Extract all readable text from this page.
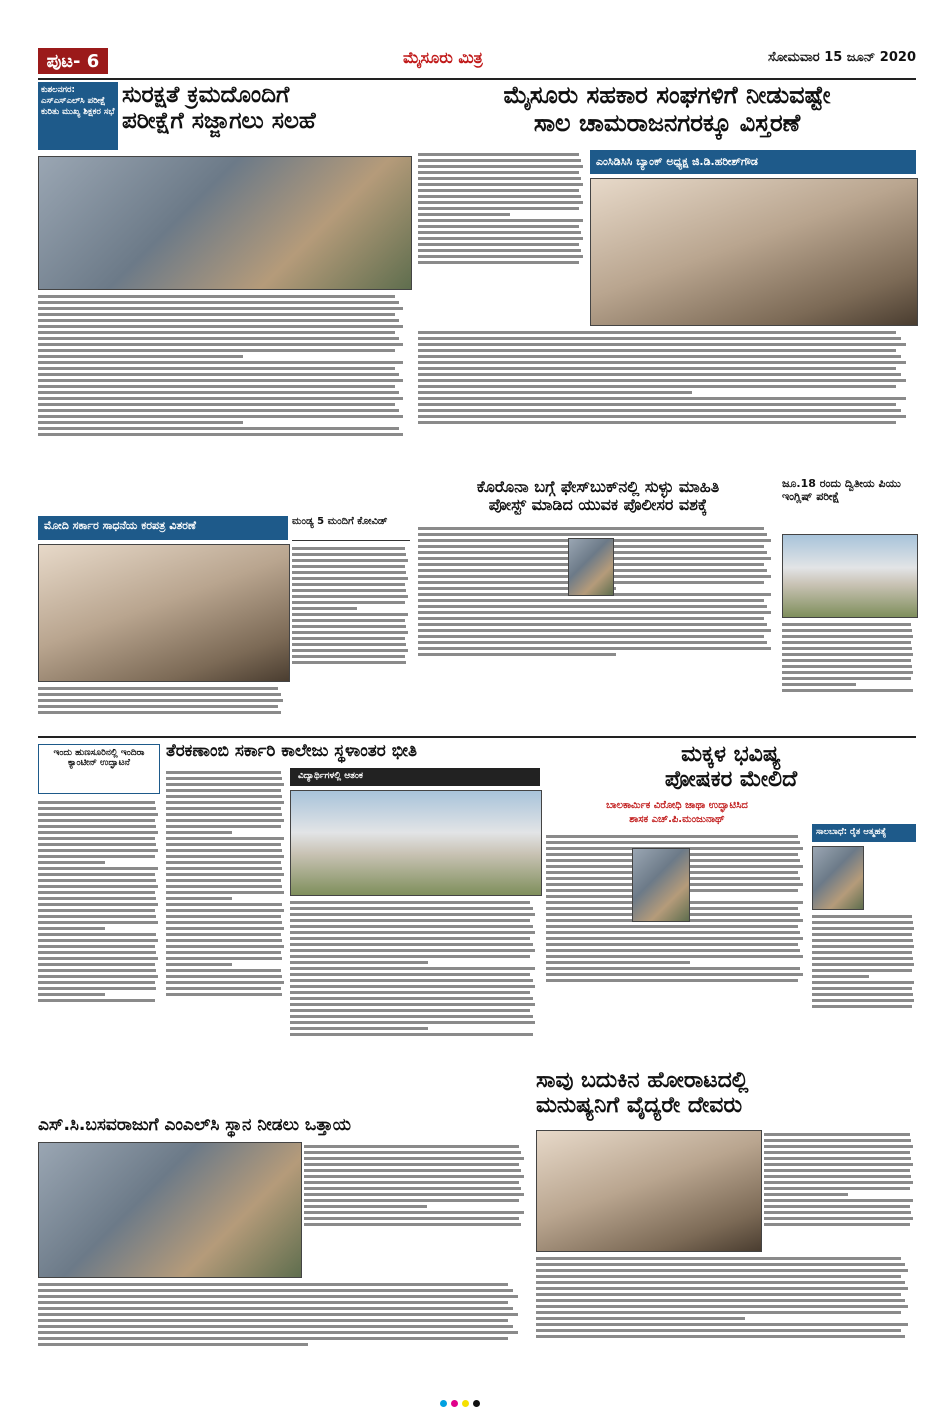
ಪುಟ- 6	ಮೈಸೂರು ಮಿತ್ರ	ಸೋಮವಾರ 15 ಜೂನ್ 2020
ಕುಶಲನಗರ: ಎಸ್‌ಎಸ್‌ಎಲ್‌ಸಿ ಪರೀಕ್ಷೆ ಕುರಿತು ಮುಖ್ಯ ಶಿಕ್ಷಕರ ಸಭೆ
ಸುರಕ್ಷತೆ ಕ್ರಮದೊಂದಿಗೆ
ಪರೀಕ್ಷೆಗೆ ಸಜ್ಜಾಗಲು ಸಲಹೆ
ಮೋದಿ ಸರ್ಕಾರ ಸಾಧನೆಯ ಕರಪತ್ರ ವಿತರಣೆ	ಮಂಡ್ಯ 5 ಮಂದಿಗೆ ಕೋವಿಡ್
ಮೈಸೂರು ಸಹಕಾರ ಸಂಘಗಳಿಗೆ ನೀಡುವಷ್ಟೇ
ಸಾಲ ಚಾಮರಾಜನಗರಕ್ಕೂ ವಿಸ್ತರಣೆ
ಎಂಸಿಡಿಸಿಸಿ ಬ್ಯಾಂಕ್ ಅಧ್ಯಕ್ಷ ಜಿ.ಡಿ.ಹರೀಶ್‌ಗೌಡ
ಕೊರೊನಾ ಬಗ್ಗೆ ಫೇಸ್‌ಬುಕ್‌ನಲ್ಲಿ ಸುಳ್ಳು ಮಾಹಿತಿ
ಪೋಸ್ಟ್ ಮಾಡಿದ ಯುವಕ ಪೊಲೀಸರ ವಶಕ್ಕೆ
ಜೂ.18 ರಂದು ದ್ವಿತೀಯ ಪಿಯು ಇಂಗ್ಲಿಷ್ ಪರೀಕ್ಷೆ
ಇಂದು ಹುಣಸೂರಿನಲ್ಲಿ ಇಂದಿರಾ ಕ್ಯಾಂಟೀನ್ ಉದ್ಘಾಟನೆ
ತೆರಕಣಾಂಬಿ ಸರ್ಕಾರಿ ಕಾಲೇಜು ಸ್ಥಳಾಂತರ ಭೀತಿ
ವಿದ್ಯಾರ್ಥಿಗಳಲ್ಲಿ ಆತಂಕ
ಮಕ್ಕಳ ಭವಿಷ್ಯ
ಪೋಷಕರ ಮೇಲಿದೆ
ಬಾಲಕಾರ್ಮಿಕ ವಿರೋಧಿ ಜಾಥಾ ಉದ್ಘಾಟಿಸಿದ
ಶಾಸಕ ಎಚ್.ಪಿ.ಮಂಜುನಾಥ್
ಸಾಲಬಾಧೆ: ರೈತ ಆತ್ಮಹತ್ಯೆ
ಸಾವು ಬದುಕಿನ ಹೋರಾಟದಲ್ಲಿ
ಮನುಷ್ಯನಿಗೆ ವೈದ್ಯರೇ ದೇವರು
ಎಸ್.ಸಿ.ಬಸವರಾಜುಗೆ ಎಂಎಲ್‌ಸಿ ಸ್ಥಾನ ನೀಡಲು ಒತ್ತಾಯ
